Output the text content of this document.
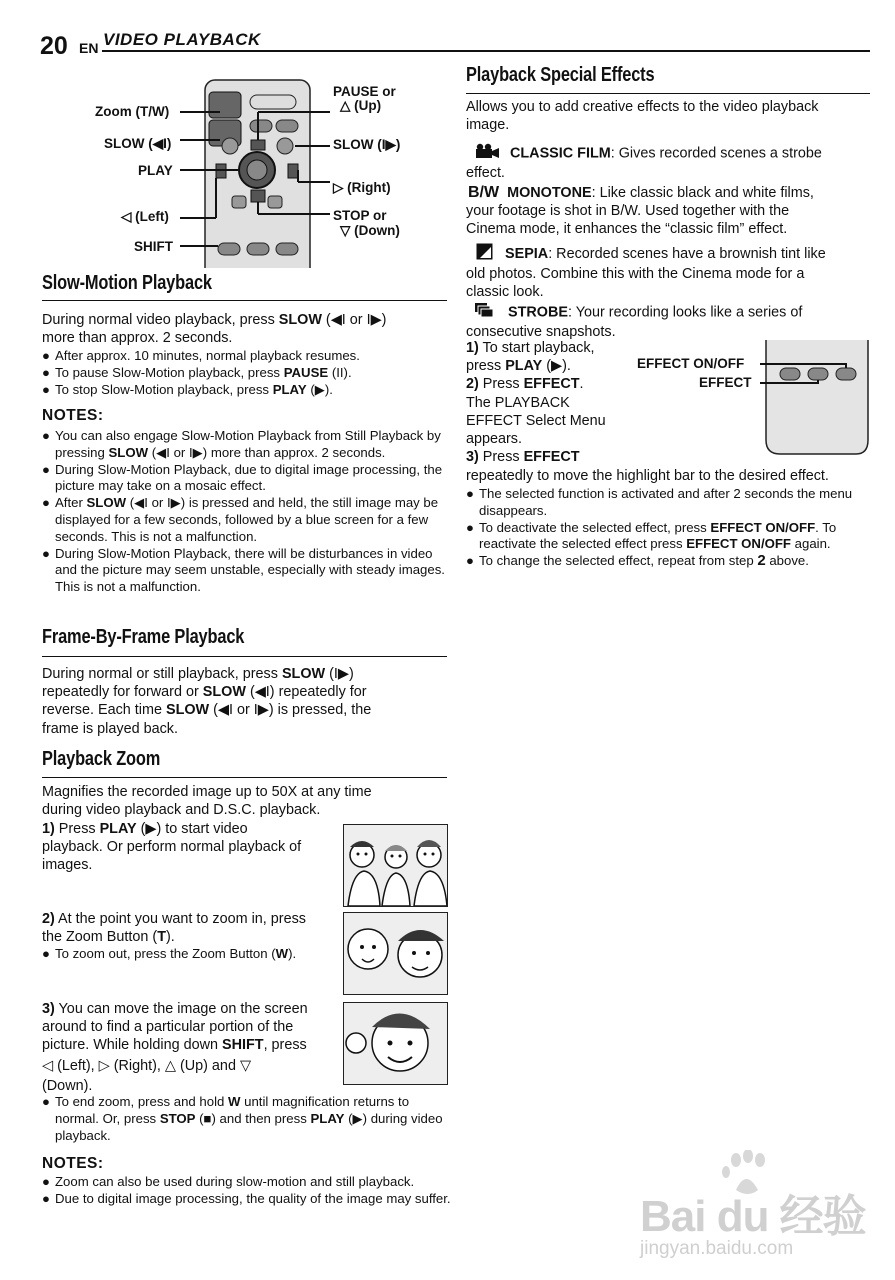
20 EN VIDEO PLAYBACK
Zoom (T/W)
SLOW (◀I)
PLAY
◁ (Left)
SHIFT
PAUSE or
△ (Up)
SLOW (I▶)
▷ (Right)
STOP or
▽ (Down)
Slow-Motion Playback
During normal video playback, press SLOW (◀I or I▶)
more than approx. 2 seconds.
● After approx. 10 minutes, normal playback resumes.
● To pause Slow-Motion playback, press PAUSE (II).
● To stop Slow-Motion playback, press PLAY (▶).
NOTES:
● You can also engage Slow-Motion Playback from Still Playback by pressing SLOW (◀I or I▶) more than approx. 2 seconds.
● During Slow-Motion Playback, due to digital image processing, the picture may take on a mosaic effect.
● After SLOW (◀I or I▶) is pressed and held, the still image may be displayed for a few seconds, followed by a blue screen for a few seconds. This is not a malfunction.
● During Slow-Motion Playback, there will be disturbances in video and the picture may seem unstable, especially with steady images. This is not a malfunction.
Frame-By-Frame Playback
During normal or still playback, press SLOW (I▶)
repeatedly for forward or SLOW (◀I) repeatedly for
reverse. Each time SLOW (◀I or I▶) is pressed, the
frame is played back.
Playback Zoom
Magnifies the recorded image up to 50X at any time
during video playback and D.S.C. playback.
1) Press PLAY (▶) to start video
playback. Or perform normal playback of
images.
2) At the point you want to zoom in, press
the Zoom Button (T).
● To zoom out, press the Zoom Button (W).
3) You can move the image on the screen
around to find a particular portion of the
picture. While holding down SHIFT, press
◁ (Left), ▷ (Right), △ (Up) and ▽
(Down).
● To end zoom, press and hold W until magnification returns to normal. Or, press STOP (■) and then press PLAY (▶) during video playback.
NOTES:
● Zoom can also be used during slow-motion and still playback.
● Due to digital image processing, the quality of the image may suffer.
Playback Special Effects
Allows you to add creative effects to the video playback
image.
CLASSIC FILM: Gives recorded scenes a strobe
effect.
B/W MONOTONE: Like classic black and white films,
your footage is shot in B/W. Used together with the
Cinema mode, it enhances the “classic film” effect.
SEPIA: Recorded scenes have a brownish tint like
old photos. Combine this with the Cinema mode for a
classic look.
STROBE: Your recording looks like a series of
consecutive snapshots.
1) To start playback,
press PLAY (▶).
2) Press EFFECT.
The PLAYBACK
EFFECT Select Menu
appears.
3) Press EFFECT
repeatedly to move the highlight bar to the desired effect.
EFFECT ON/OFF
EFFECT
● The selected function is activated and after 2 seconds the menu disappears.
● To deactivate the selected effect, press EFFECT ON/OFF. To reactivate the selected effect press EFFECT ON/OFF again.
● To change the selected effect, repeat from step 2 above.
Bai du 经验
jingyan.baidu.com
